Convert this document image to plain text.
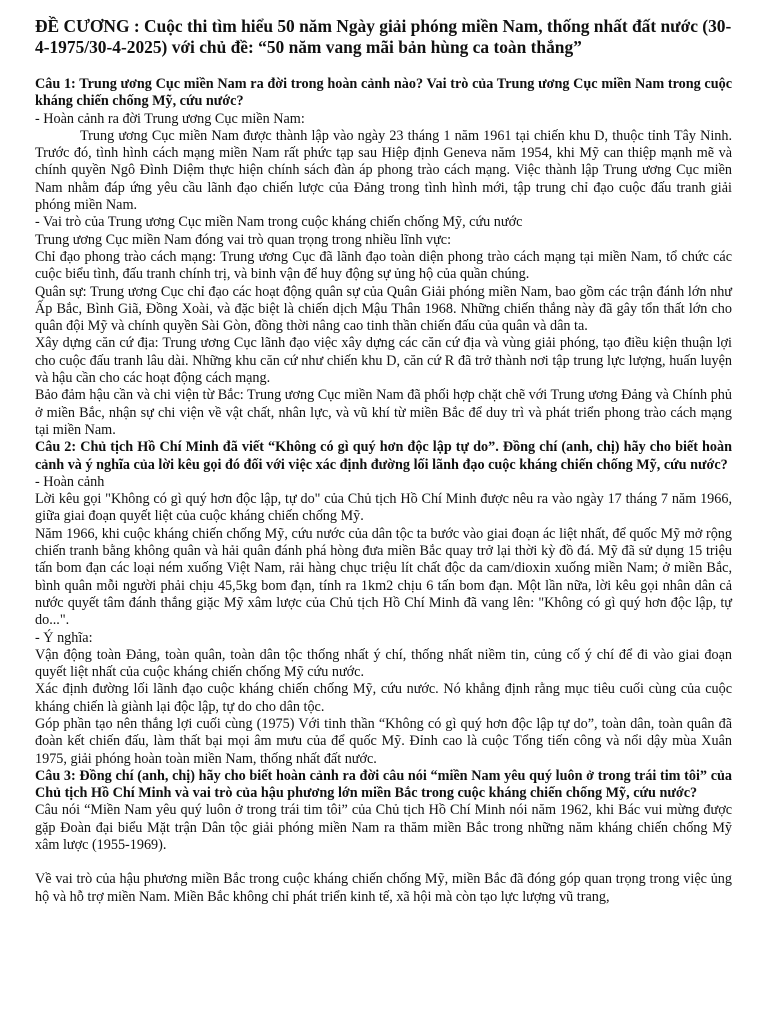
ĐỀ CƯƠNG : Cuộc thi tìm hiểu 50 năm Ngày giải phóng miền Nam, thống nhất đất nước (30-4-1975/30-4-2025) với chủ đề: “50 năm vang mãi bản hùng ca toàn thắng”

Câu 1: Trung ương Cục miền Nam ra đời trong hoàn cảnh nào? Vai trò của Trung ương Cục miền Nam trong cuộc kháng chiến chống Mỹ, cứu nước?

- Hoàn cảnh ra đời Trung ương Cục miền Nam:

Trung ương Cục miền Nam được thành lập vào ngày 23 tháng 1 năm 1961 tại chiến khu D, thuộc tỉnh Tây Ninh. Trước đó, tình hình cách mạng miền Nam rất phức tạp sau Hiệp định Geneva năm 1954, khi Mỹ can thiệp mạnh mẽ và chính quyền Ngô Đình Diệm thực hiện chính sách đàn áp phong trào cách mạng. Việc thành lập Trung ương Cục miền Nam nhằm đáp ứng yêu cầu lãnh đạo chiến lược của Đảng trong tình hình mới, tập trung chỉ đạo cuộc đấu tranh giải phóng miền Nam.

- Vai trò của Trung ương Cục miền Nam trong cuộc kháng chiến chống Mỹ, cứu nước

Trung ương Cục miền Nam đóng vai trò quan trọng trong nhiều lĩnh vực:

Chỉ đạo phong trào cách mạng: Trung ương Cục đã lãnh đạo toàn diện phong trào cách mạng tại miền Nam, tổ chức các cuộc biểu tình, đấu tranh chính trị, và binh vận để huy động sự ủng hộ của quần chúng.

Quân sự: Trung ương Cục chỉ đạo các hoạt động quân sự của Quân Giải phóng miền Nam, bao gồm các trận đánh lớn như Ấp Bắc, Bình Giã, Đồng Xoài, và đặc biệt là chiến dịch Mậu Thân 1968. Những chiến thắng này đã gây tổn thất lớn cho quân đội Mỹ và chính quyền Sài Gòn, đồng thời nâng cao tinh thần chiến đấu của quân và dân ta.

Xây dựng căn cứ địa: Trung ương Cục lãnh đạo việc xây dựng các căn cứ địa và vùng giải phóng, tạo điều kiện thuận lợi cho cuộc đấu tranh lâu dài. Những khu căn cứ như chiến khu D, căn cứ R đã trở thành nơi tập trung lực lượng, huấn luyện và hậu cần cho các hoạt động cách mạng.

Bảo đảm hậu cần và chi viện từ Bắc: Trung ương Cục miền Nam đã phối hợp chặt chẽ với Trung ương Đảng và Chính phủ ở miền Bắc, nhận sự chi viện về vật chất, nhân lực, và vũ khí từ miền Bắc để duy trì và phát triển phong trào cách mạng tại miền Nam.

Câu 2: Chủ tịch Hồ Chí Minh đã viết “Không có gì quý hơn độc lập tự do”. Đồng chí (anh, chị) hãy cho biết hoàn cảnh và ý nghĩa của lời kêu gọi đó đối với việc xác định đường lối lãnh đạo cuộc kháng chiến chống Mỹ, cứu nước?

- Hoàn cảnh

Lời kêu gọi "Không có gì quý hơn độc lập, tự do" của Chủ tịch Hồ Chí Minh được nêu ra vào ngày 17 tháng 7 năm 1966, giữa giai đoạn quyết liệt của cuộc kháng chiến chống Mỹ.

Năm 1966, khi cuộc kháng chiến chống Mỹ, cứu nước của dân tộc ta bước vào giai đoạn ác liệt nhất, để quốc Mỹ mở rộng chiến tranh bằng không quân và hải quân đánh phá hòng đưa miền Bắc quay trở lại thời kỳ đồ đá. Mỹ đã sử dụng 15 triệu tấn bom đạn các loại ném xuống Việt Nam, rải hàng chục triệu lít chất độc da cam/dioxin xuống miền Nam; ở miền Bắc, bình quân mỗi người phải chịu 45,5kg bom đạn, tính ra 1km2 chịu 6 tấn bom đạn. Một lần nữa, lời kêu gọi nhân dân cả nước quyết tâm đánh thắng giặc Mỹ xâm lược của Chủ tịch Hồ Chí Minh đã vang lên: "Không có gì quý hơn độc lập, tự do...".

- Ý nghĩa:

Vận động toàn Đảng, toàn quân, toàn dân tộc thống nhất ý chí, thống nhất niềm tin, củng cố ý chí để đi vào giai đoạn quyết liệt nhất của cuộc kháng chiến chống Mỹ cứu nước.

Xác định đường lối lãnh đạo cuộc kháng chiến chống Mỹ, cứu nước. Nó khẳng định rằng mục tiêu cuối cùng của cuộc kháng chiến là giành lại độc lập, tự do cho dân tộc.

Góp phần tạo nên thắng lợi cuối cùng (1975) Với tinh thần “Không có gì quý hơn độc lập tự do”, toàn dân, toàn quân đã đoàn kết chiến đấu, làm thất bại mọi âm mưu của để quốc Mỹ. Đỉnh cao là cuộc Tổng tiến công và nổi dậy mùa Xuân 1975, giải phóng hoàn toàn miền Nam, thống nhất đất nước.

Câu 3: Đồng chí (anh, chị) hãy cho biết hoàn cảnh ra đời câu nói “miền Nam yêu quý luôn ở trong trái tim tôi” của Chủ tịch Hồ Chí Minh và vai trò của hậu phương lớn miền Bắc trong cuộc kháng chiến chống Mỹ, cứu nước?

Câu nói “Miền Nam yêu quý luôn ở trong trái tim tôi” của Chủ tịch Hồ Chí Minh nói năm 1962, khi Bác vui mừng được gặp Đoàn đại biểu Mặt trận Dân tộc giải phóng miền Nam ra thăm miền Bắc trong những năm kháng chiến chống Mỹ xâm lược (1955-1969).

Về vai trò của hậu phương miền Bắc trong cuộc kháng chiến chống Mỹ, miền Bắc đã đóng góp quan trọng trong việc ủng hộ và hỗ trợ miền Nam. Miền Bắc không chỉ phát triển kinh tế, xã hội mà còn tạo lực lượng vũ trang,
